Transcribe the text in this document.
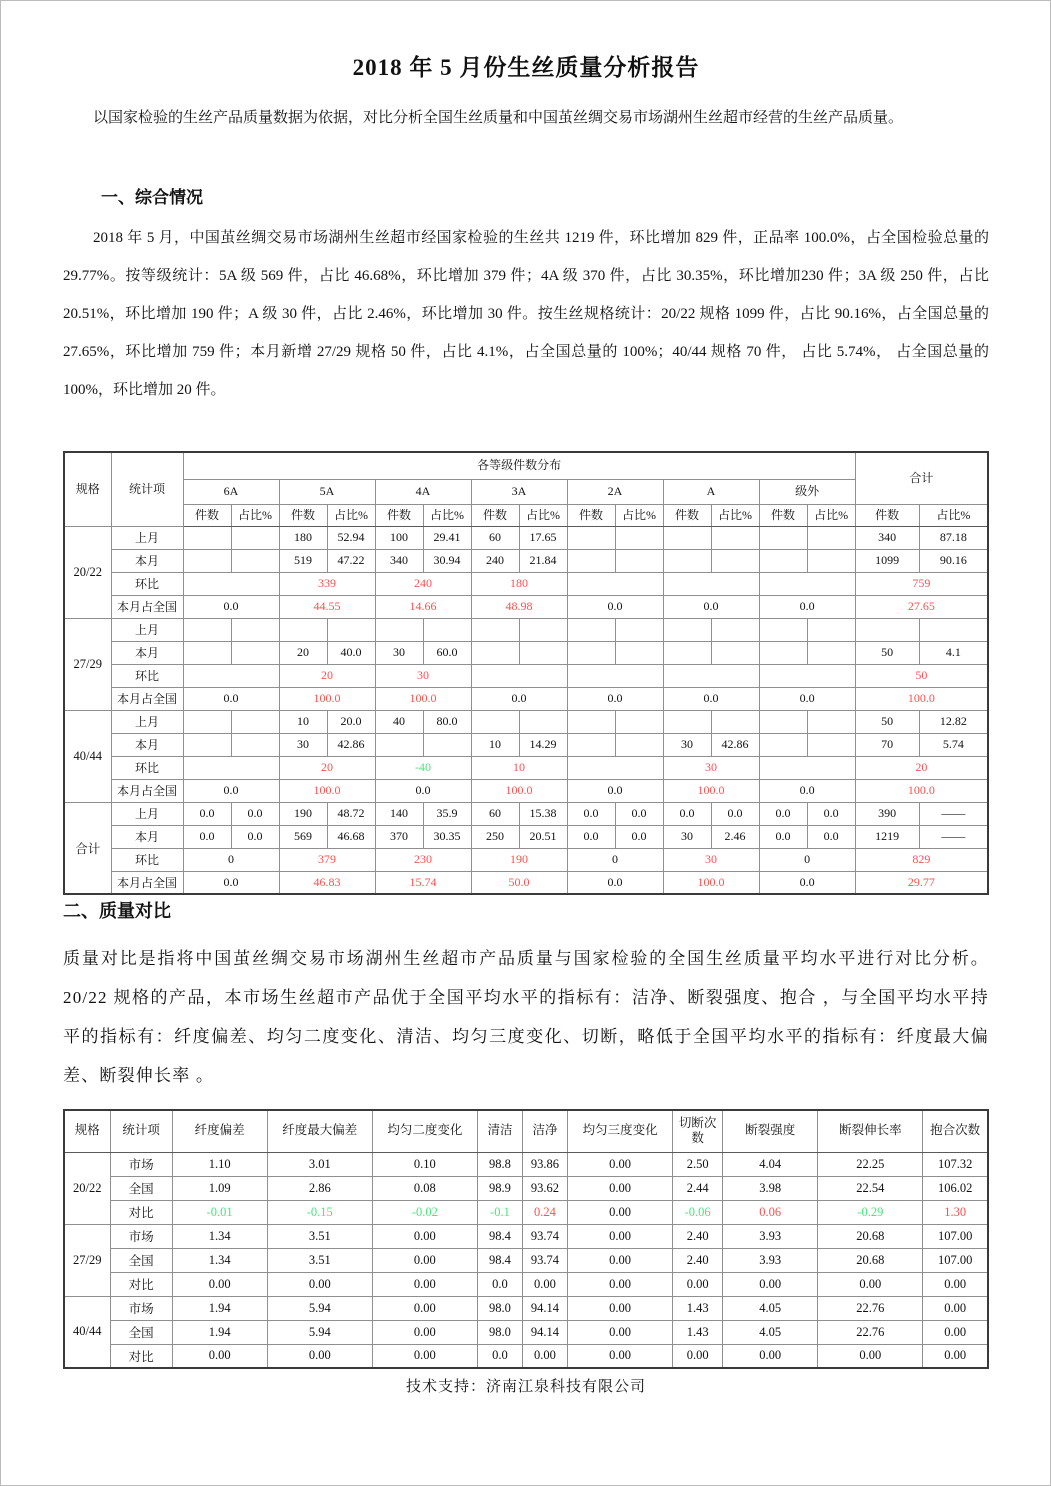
2018 年 5 月份生丝质量分析报告
以国家检验的生丝产品质量数据为依据，对比分析全国生丝质量和中国茧丝绸交易市场湖州生丝超市经营的生丝产品质量。
一、综合情况
2018 年 5 月，中国茧丝绸交易市场湖州生丝超市经国家检验的生丝共 1219 件，环比增加 829 件，正品率 100.0%，占全国检验总量的 29.77%。按等级统计：5A 级 569 件，占比 46.68%，环比增加 379 件；4A 级 370 件，占比 30.35%，环比增加230 件；3A 级 250 件，占比 20.51%，环比增加 190 件；A 级 30 件，占比 2.46%，环比增加 30 件。按生丝规格统计：20/22 规格 1099 件，占比 90.16%，占全国总量的 27.65%，环比增加 759 件；本月新增 27/29 规格 50 件，占比 4.1%，占全国总量的 100%；40/44 规格 70 件， 占比 5.74%， 占全国总量的 100%，环比增加 20 件。
规格	统计项	各等级件数分布														合计	
		6A		5A		4A		3A		2A		A		级外			
		件数	占比%	件数	占比%	件数	占比%	件数	占比%	件数	占比%	件数	占比%	件数	占比%	件数	占比%
20/22	上月			180	52.94	100	29.41	60	17.65							340	87.18
	本月			519	47.22	340	30.94	240	21.84							1099	90.16
	环比			339		240		180								759	
	本月占全国	0.0		44.55		14.66		48.98		0.0		0.0		0.0		27.65	
27/29	上月																
	本月			20	40.0	30	60.0									50	4.1
	环比			20		30										50	
	本月占全国	0.0		100.0		100.0		0.0		0.0		0.0		0.0		100.0	
40/44	上月			10	20.0	40	80.0									50	12.82
	本月			30	42.86			10	14.29			30	42.86			70	5.74
	环比			20		-40		10				30				20	
	本月占全国	0.0		100.0		0.0		100.0		0.0		100.0		0.0		100.0	
合计	上月	0.0	0.0	190	48.72	140	35.9	60	15.38	0.0	0.0	0.0	0.0	0.0	0.0	390	——
	本月	0.0	0.0	569	46.68	370	30.35	250	20.51	0.0	0.0	30	2.46	0.0	0.0	1219	——
	环比	0		379		230		190		0		30		0		829	
	本月占全国	0.0		46.83		15.74		50.0		0.0		100.0		0.0		29.77	
二、质量对比
质量对比是指将中国茧丝绸交易市场湖州生丝超市产品质量与国家检验的全国生丝质量平均水平进行对比分析。20/22 规格的产品，本市场生丝超市产品优于全国平均水平的指标有：洁净、断裂强度、抱合 ，与全国平均水平持平的指标有：纤度偏差、均匀二度变化、清洁、均匀三度变化、切断，略低于全国平均水平的指标有：纤度最大偏差、断裂伸长率 。
规格	统计项	纤度偏差	纤度最大偏差	均匀二度变化	清洁	洁净	均匀三度变化	切断次数	断裂强度	断裂伸长率	抱合次数
20/22	市场	1.10	3.01	0.10	98.8	93.86	0.00	2.50	4.04	22.25	107.32
	全国	1.09	2.86	0.08	98.9	93.62	0.00	2.44	3.98	22.54	106.02
	对比	-0.01	-0.15	-0.02	-0.1	0.24	0.00	-0.06	0.06	-0.29	1.30
27/29	市场	1.34	3.51	0.00	98.4	93.74	0.00	2.40	3.93	20.68	107.00
	全国	1.34	3.51	0.00	98.4	93.74	0.00	2.40	3.93	20.68	107.00
	对比	0.00	0.00	0.00	0.0	0.00	0.00	0.00	0.00	0.00	0.00
40/44	市场	1.94	5.94	0.00	98.0	94.14	0.00	1.43	4.05	22.76	0.00
	全国	1.94	5.94	0.00	98.0	94.14	0.00	1.43	4.05	22.76	0.00
	对比	0.00	0.00	0.00	0.0	0.00	0.00	0.00	0.00	0.00	0.00
技术支持：济南江泉科技有限公司
